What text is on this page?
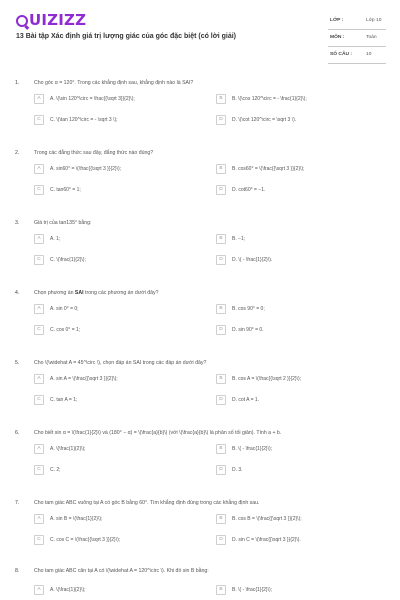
UIZIZZ
13 Bài tập Xác định giá trị lượng giác của góc đặc biệt (có lời giải)
LỚP :	Lớp 10
MÔN :	Toán
SỐ CÂU :	10
1.	Cho góc α = 120°. Trong các khẳng định sau, khẳng định nào là SAI?
A	A. \(\sin 120^\circ = \frac{{\sqrt 3}}{2}\);	B	B. \(\cos 120^\circ = - \frac{1}{2}\);
C	C. \(\tan 120^\circ = - \sqrt 3 \);	D	D. \(\cot 120^\circ = \sqrt 3 \).
2.	Trong các đẳng thức sau đây, đẳng thức nào đúng?
A	A. sin60° = \(\frac{{\sqrt 3 }}{2}\);	B	B. cos60° = \(\frac{{\sqrt 3 }}{2}\);
C	C. tan60° = 1;	D	D. cot60° = −1.
3.	Giá trị của tan135° bằng:
A	A. 1;	B	B. −1;
C	C. \(\frac{1}{2}\);	D	D. \( - \frac{1}{2}\).
4.	Chọn phương án SAI trong các phương án dưới đây?
A	A. sin 0° = 0;	B	B. cos 90° = 0;
C	C. cos 0° = 1;	D	D. sin 90° = 0.
5.	Cho \(\widehat A = 45^\circ \), chọn đáp án SAI trong các đáp án dưới đây?
A	A. sin A = \(\frac{{\sqrt 3 }}{2}\);	B	B. cos A = \(\frac{{\sqrt 2 }}{2}\);
C	C. tan A = 1;	D	D. cot A = 1.
6.	Cho biết sin α = \(\frac{1}{2}\) và (180° − α) = \(\frac{a}{b}\) (với \(\frac{a}{b}\) là phân số tối giản). Tính a + b.
A	A. \(\frac{1}{2}\);	B	B. \( - \frac{1}{2}\);
C	C. 2;	D	D. 3.
7.	Cho tam giác ABC vuông tại A có góc B bằng 60°. Tìm khẳng định đúng trong các khẳng định sau.
A	A. sin B = \(\frac{1}{2}\);	B	B. cos B = \(\frac{{\sqrt 3 }}{2}\);
C	C. cos C = \(\frac{{\sqrt 3 }}{2}\);	D	D. sin C = \(\frac{{\sqrt 3 }}{2}\).
8.	Cho tam giác ABC cân tại A có \(\widehat A = 120^\circ \). Khi đó sin B bằng:
A	A. \(\frac{1}{2}\);	B	B. \( - \frac{1}{2}\);
